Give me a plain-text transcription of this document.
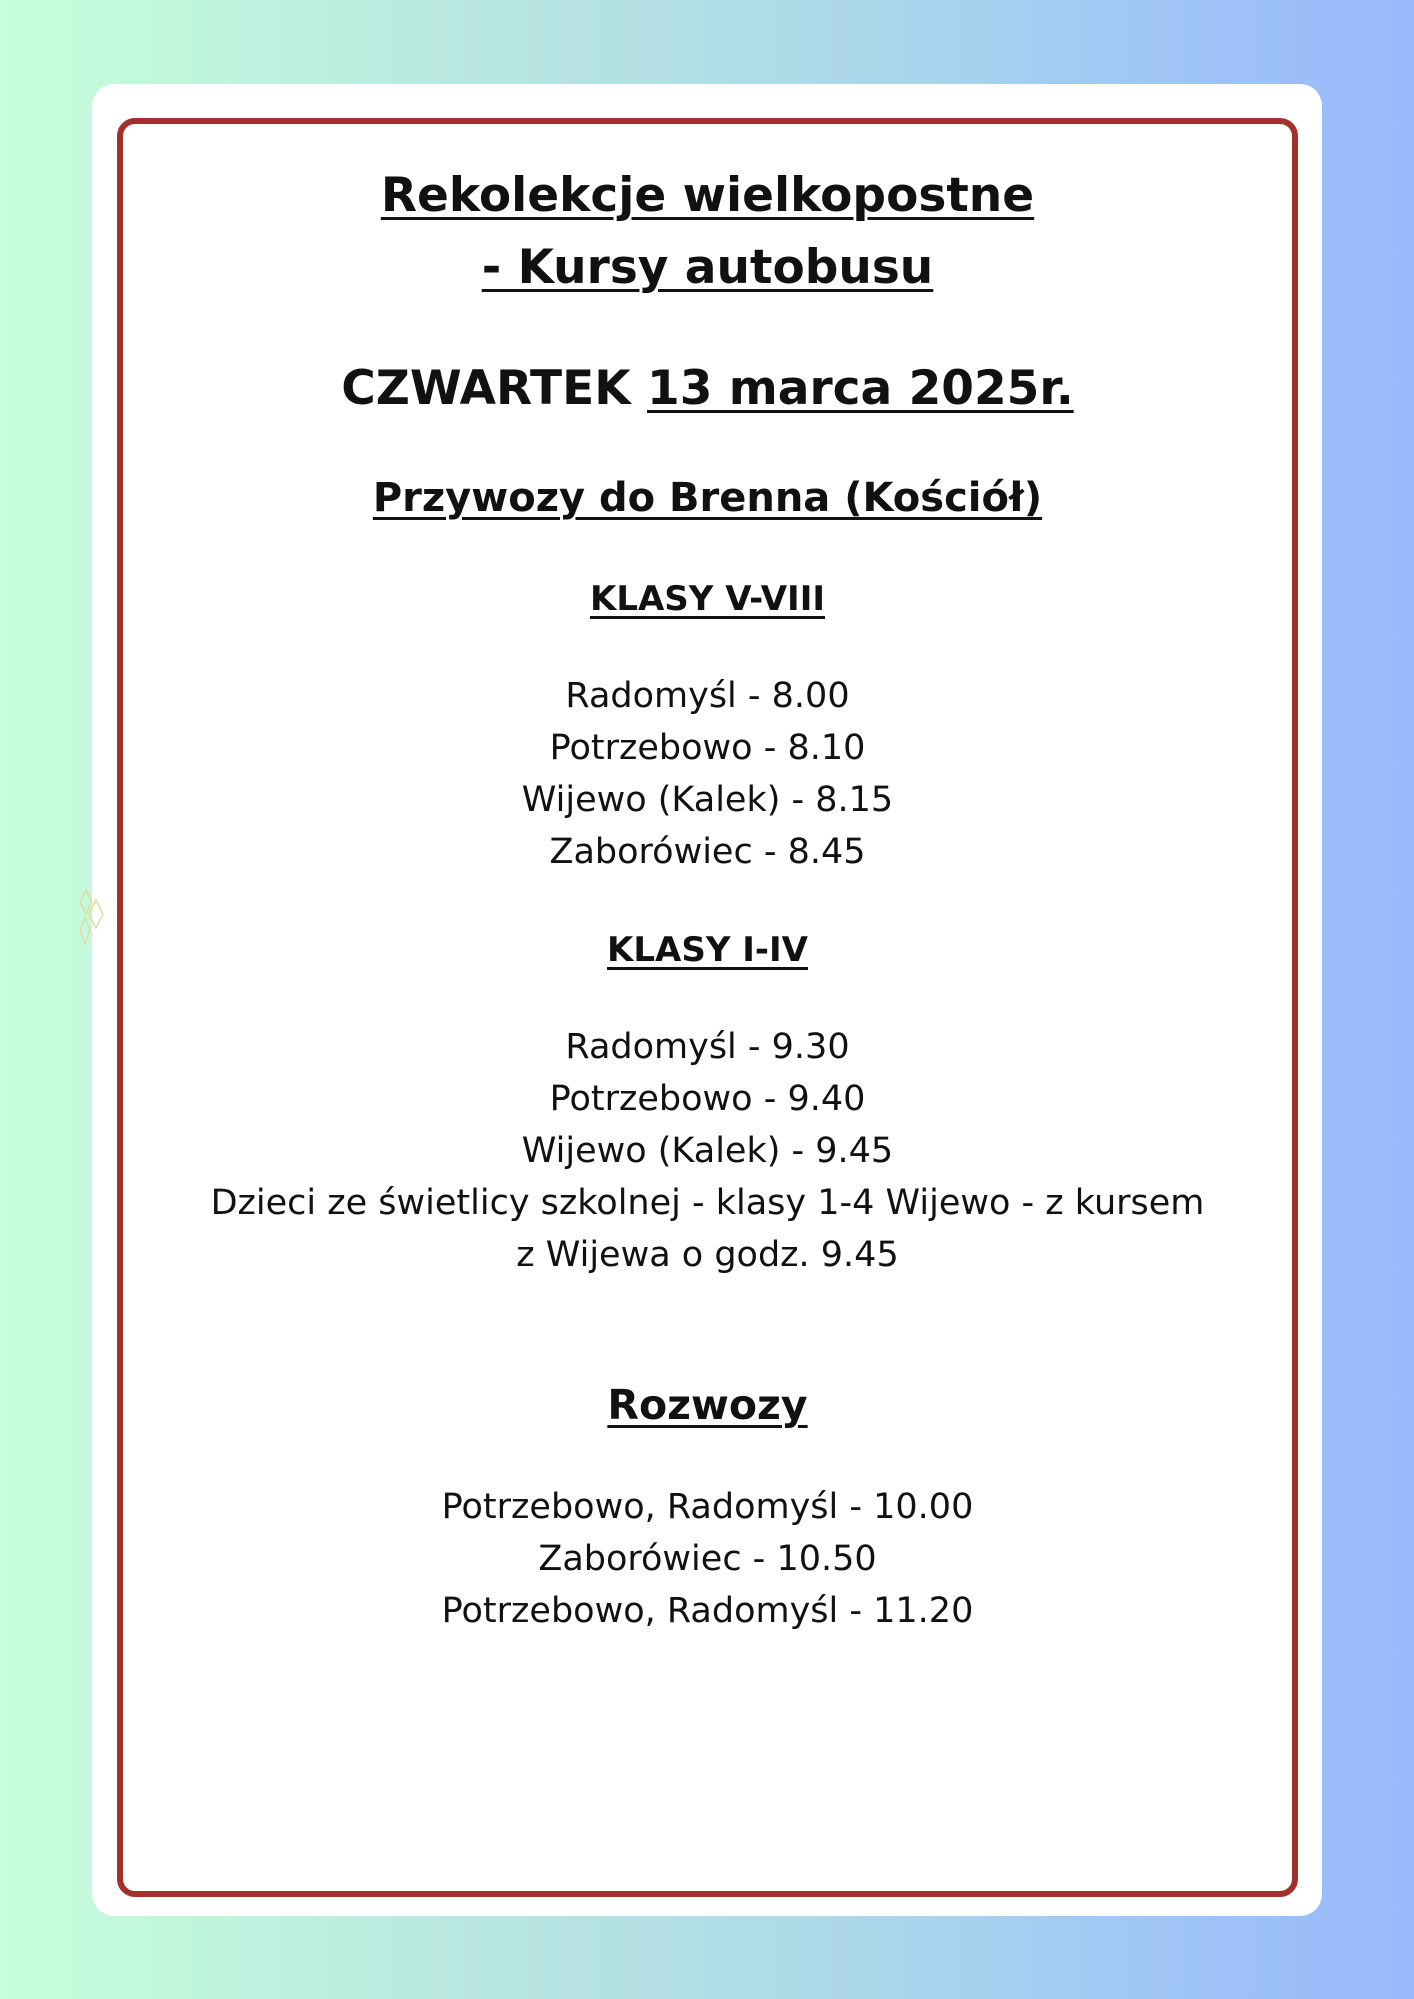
Rekolekcje wielkopostne
- Kursy autobusu
CZWARTEK 13 marca 2025r.
Przywozy do Brenna (Kościół)
KLASY V-VIII
Radomyśl - 8.00
Potrzebowo - 8.10
Wijewo (Kalek) - 8.15
Zaborówiec - 8.45
KLASY I-IV
Radomyśl - 9.30
Potrzebowo - 9.40
Wijewo (Kalek) - 9.45
Dzieci ze świetlicy szkolnej - klasy 1-4 Wijewo - z kursem
z Wijewa o godz. 9.45
Rozwozy
Potrzebowo, Radomyśl - 10.00
Zaborówiec - 10.50
Potrzebowo, Radomyśl - 11.20
